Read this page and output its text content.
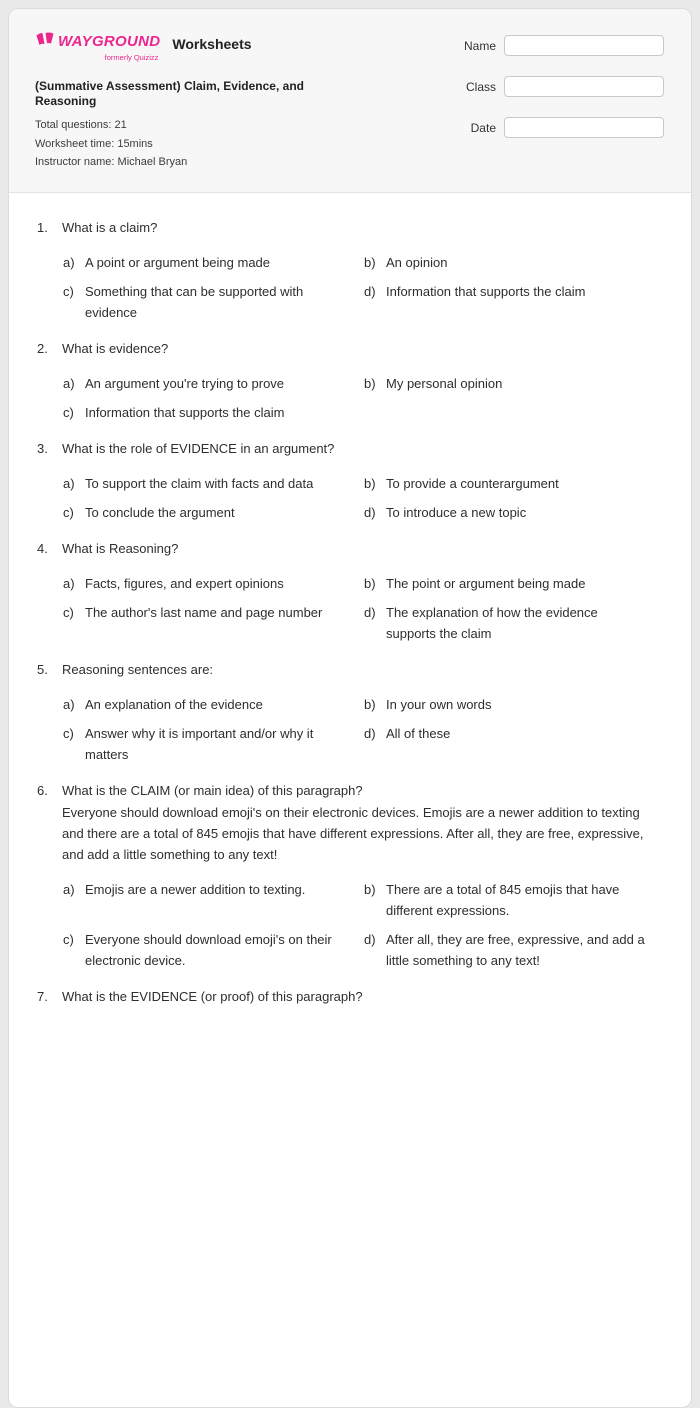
WAYGROUND
formerly Quizizz
Worksheets
(Summative Assessment) Claim, Evidence, and Reasoning
Total questions: 21
Worksheet time: 15mins
Instructor name: Michael Bryan
Name
Class
Date
1.	What is a claim?
a) A point or argument being made	b) An opinion
c) Something that can be supported with evidence
d) Information that supports the claim
2.	What is evidence?
a) An argument you're trying to prove	b) My personal opinion
c) Information that supports the claim
3.	What is the role of EVIDENCE in an argument?
a) To support the claim with facts and data	b) To provide a counterargument
c) To conclude the argument	d) To introduce a new topic
4.	What is Reasoning?
a) Facts, figures, and expert opinions	b) The point or argument being made
c) The author's last name and page number	d) The explanation of how the evidence supports the claim
5.	Reasoning sentences are:
a) An explanation of the evidence	b) In your own words
c) Answer why it is important and/or why it matters
d) All of these
6.	What is the CLAIM (or main idea) of this paragraph?
Everyone should download emoji's on their electronic devices. Emojis are a newer addition to texting and there are a total of 845 emojis that have different expressions. After all, they are free, expressive, and add a little something to any text!
a) Emojis are a newer addition to texting.	b) There are a total of 845 emojis that have different expressions.
c) Everyone should download emoji's on their electronic device.
d) After all, they are free, expressive, and add a little something to any text!
7.	What is the EVIDENCE (or proof) of this paragraph?
